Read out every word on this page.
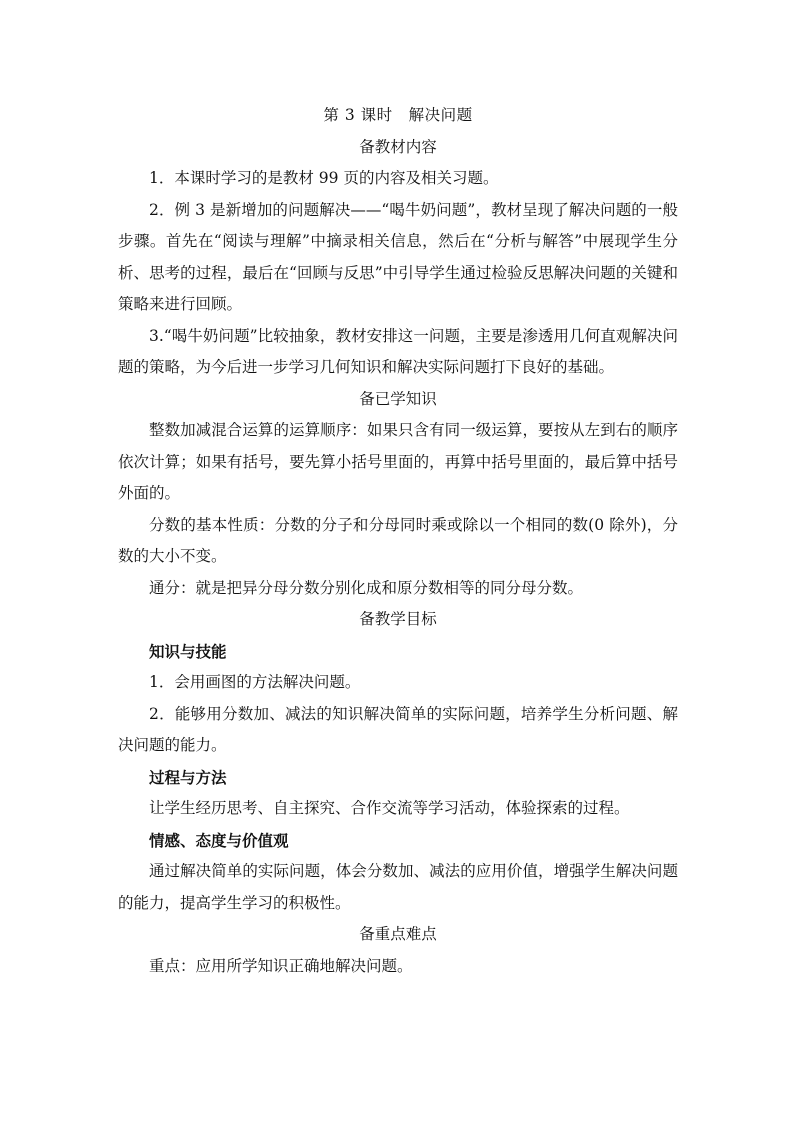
第 3 课时　解决问题
备教材内容

1．本课时学习的是教材 99 页的内容及相关习题。

2．例 3 是新增加的问题解决——“喝牛奶问题”，教材呈现了解决问题的一般步骤。首先在“阅读与理解”中摘录相关信息，然后在“分析与解答”中展现学生分析、思考的过程，最后在“回顾与反思”中引导学生通过检验反思解决问题的关键和策略来进行回顾。

3.“喝牛奶问题”比较抽象，教材安排这一问题，主要是渗透用几何直观解决问题的策略，为今后进一步学习几何知识和解决实际问题打下良好的基础。

备已学知识

整数加减混合运算的运算顺序：如果只含有同一级运算，要按从左到右的顺序依次计算；如果有括号，要先算小括号里面的，再算中括号里面的，最后算中括号外面的。

分数的基本性质：分数的分子和分母同时乘或除以一个相同的数(0 除外)，分数的大小不变。

通分：就是把异分母分数分别化成和原分数相等的同分母分数。

备教学目标

知识与技能

1．会用画图的方法解决问题。

2．能够用分数加、减法的知识解决简单的实际问题，培养学生分析问题、解决问题的能力。

过程与方法

让学生经历思考、自主探究、合作交流等学习活动，体验探索的过程。

情感、态度与价值观

通过解决简单的实际问题，体会分数加、减法的应用价值，增强学生解决问题的能力，提高学生学习的积极性。

备重点难点

重点：应用所学知识正确地解决问题。
